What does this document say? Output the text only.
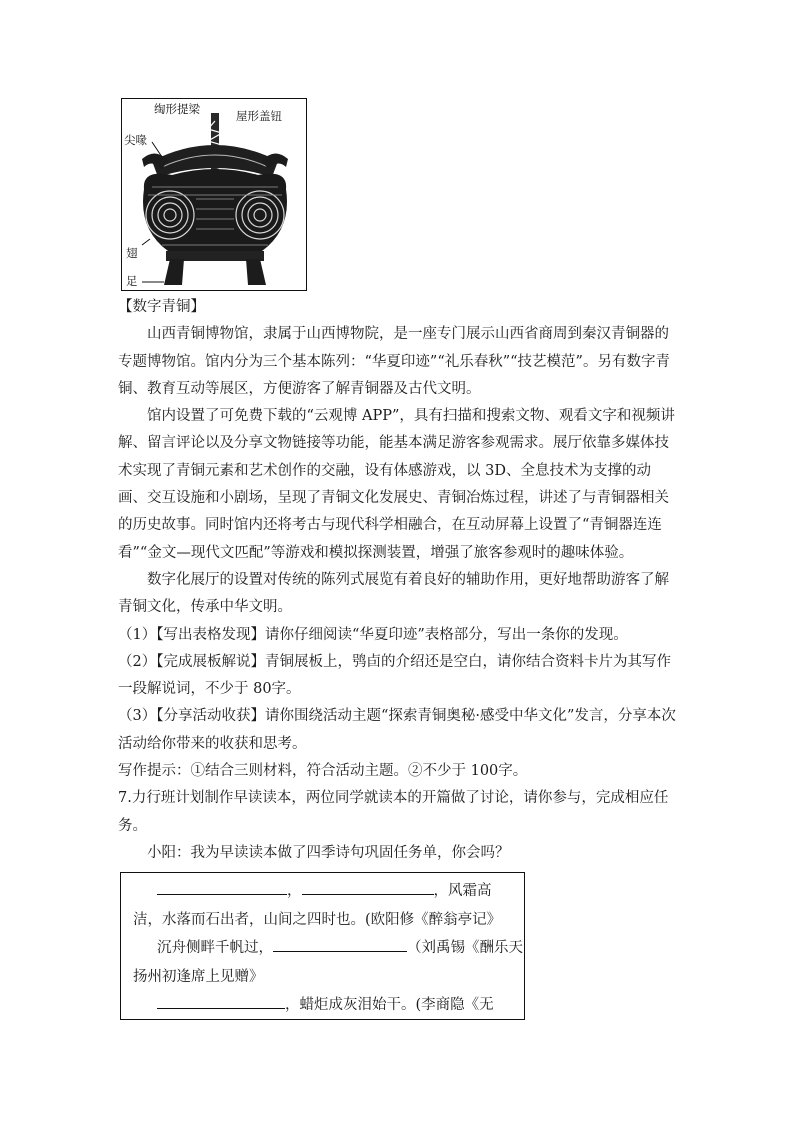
绹形提梁	屋形盖钮
尖喙
翅
足

【数字青铜】

山西青铜博物馆，隶属于山西博物院，是一座专门展示山西省商周到秦汉青铜器的专题博物馆。馆内分为三个基本陈列：“华夏印迹”“礼乐春秋”“技艺模范”。另有数字青铜、教育互动等展区，方便游客了解青铜器及古代文明。

馆内设置了可免费下载的“云观博 APP”，具有扫描和搜索文物、观看文字和视频讲解、留言评论以及分享文物链接等功能，能基本满足游客参观需求。展厅依靠多媒体技术实现了青铜元素和艺术创作的交融，设有体感游戏，以 3D、全息技术为支撑的动画、交互设施和小剧场，呈现了青铜文化发展史、青铜冶炼过程，讲述了与青铜器相关的历史故事。同时馆内还将考古与现代科学相融合，在互动屏幕上设置了“青铜器连连看”“金文—现代文匹配”等游戏和模拟探测装置，增强了旅客参观时的趣味体验。

数字化展厅的设置对传统的陈列式展览有着良好的辅助作用，更好地帮助游客了解青铜文化，传承中华文明。

（1）【写出表格发现】请你仔细阅读“华夏印迹”表格部分，写出一条你的发现。

（2）【完成展板解说】青铜展板上，鸮卣的介绍还是空白，请你结合资料卡片为其写作一段解说词，不少于 80字。

（3）【分享活动收获】请你围绕活动主题“探索青铜奥秘·感受中华文化”发言，分享本次活动给你带来的收获和思考。

写作提示：①结合三则材料，符合活动主题。②不少于 100字。

7.力行班计划制作早读读本，两位同学就读本的开篇做了讨论，请你参与，完成相应任务。

小阳：我为早读读本做了四季诗句巩固任务单，你会吗？

，	，风霜高

洁，水落而石出者，山间之四时也。(欧阳修《醉翁亭记》

沉舟侧畔千帆过，	（刘禹锡《酬乐天

扬州初逢席上见赠》

，蜡炬成灰泪始干。(李商隐《无
